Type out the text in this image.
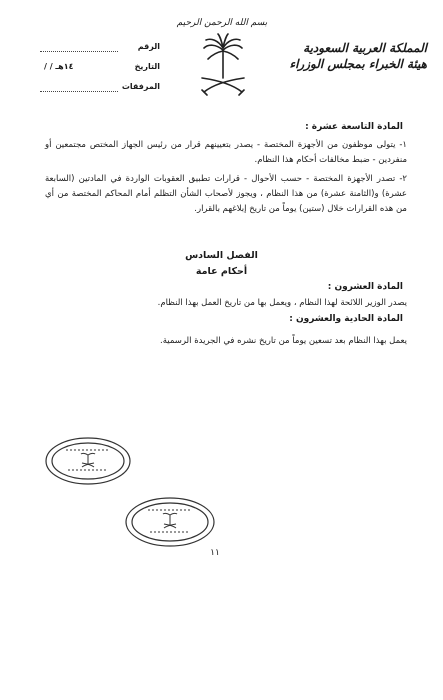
بسم الله الرحمن الرحيم
المملكة العربية السعودية
هيئة الخبراء بمجلس الوزراء
الرقم
التاريخ
/ / ١٤هـ
المرفقات
المادة التاسعة عشرة :
١- يتولى موظفون من الأجهزة المختصة - يصدر بتعيينهم قرار من رئيس الجهاز المختص مجتمعين أو منفردين - ضبط مخالفات أحكام هذا النظام.
٢- تصدر الأجهزة المختصة - حسب الأحوال - قرارات تطبيق العقوبات الواردة في المادتين (السابعة عشرة) و(الثامنة عشرة) من هذا النظام ، ويجوز لأصحاب الشأن التظلم أمام المحاكم المختصة من أي من هذه القرارات خلال (ستين) يوماً من تاريخ إبلاغهم بالقرار.
الفصل السادس
أحكام عامة
المادة العشرون :
يصدر الوزير اللائحة لهذا النظام ، ويعمل بها من تاريخ العمل بهذا النظام.
المادة الحادية والعشرون :
يعمل بهذا النظام بعد تسعين يوماً من تاريخ نشره في الجريدة الرسمية.
١١
